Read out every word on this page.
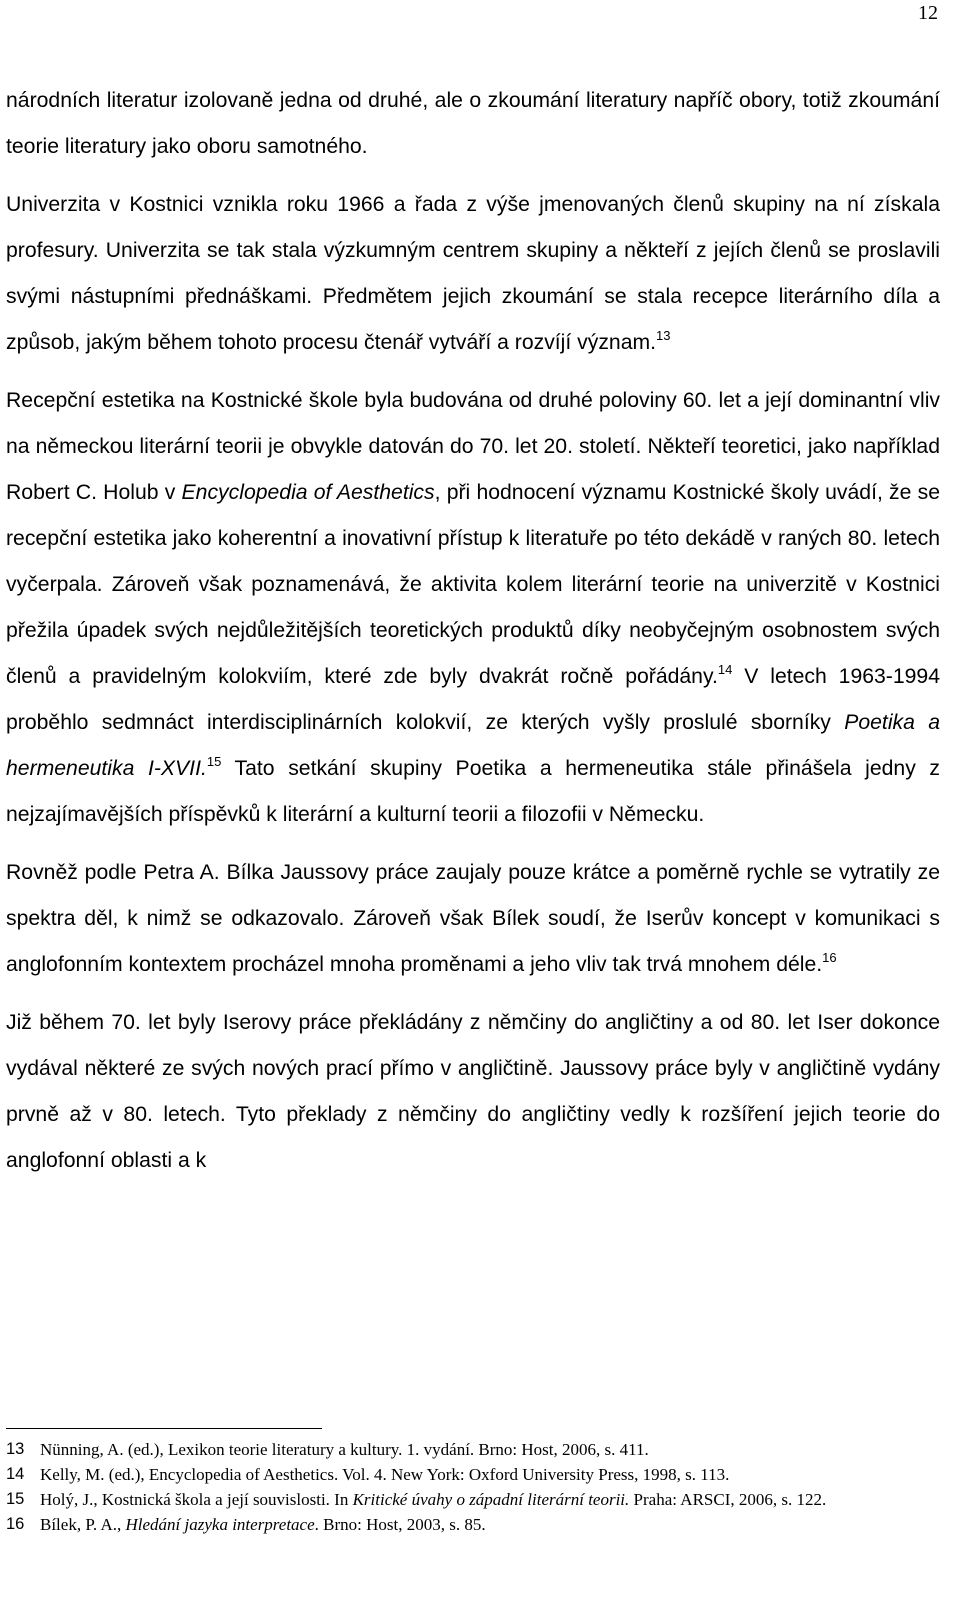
12

národních literatur izolovaně jedna od druhé, ale o zkoumání literatury napříč obory, totiž zkoumání teorie literatury jako oboru samotného.

Univerzita v Kostnici vznikla roku 1966 a řada z výše jmenovaných členů skupiny na ní získala profesury. Univerzita se tak stala výzkumným centrem skupiny a někteří z jejích členů se proslavili svými nástupními přednáškami. Předmětem jejich zkoumání se stala recepce literárního díla a způsob, jakým během tohoto procesu čtenář vytváří a rozvíjí význam.$^{13}$

Recepční estetika na Kostnické škole byla budována od druhé poloviny 60. let a její dominantní vliv na německou literární teorii je obvykle datován do 70. let 20. století. Někteří teoretici, jako například Robert C. Holub v Encyclopedia of Aesthetics, při hodnocení významu Kostnické školy uvádí, že se recepční estetika jako koherentní a inovativní přístup k literatuře po této dekádě v raných 80. letech vyčerpala. Zároveň však poznamenává, že aktivita kolem literární teorie na univerzitě v Kostnici přežila úpadek svých nejdůležitějších teoretických produktů díky neobyčejným osobnostem svých členů a pravidelným kolokviím, které zde byly dvakrát ročně pořádány.$^{14}$ V letech 1963-1994 proběhlo sedmnáct interdisciplinárních kolokvií, ze kterých vyšly proslulé sborníky Poetika a hermeneutika I-XVII.$^{15}$ Tato setkání skupiny Poetika a hermeneutika stále přinášela jedny z nejzajímavějších příspěvků k literární a kulturní teorii a filozofii v Německu.

Rovněž podle Petra A. Bílka Jaussovy práce zaujaly pouze krátce a poměrně rychle se vytratily ze spektra děl, k nimž se odkazovalo. Zároveň však Bílek soudí, že Iserův koncept v komunikaci s anglofonním kontextem procházel mnoha proměnami a jeho vliv tak trvá mnohem déle.$^{16}$

Již během 70. let byly Iserovy práce překládány z němčiny do angličtiny a od 80. let Iser dokonce vydával některé ze svých nových prací přímo v angličtině. Jaussovy práce byly v angličtině vydány prvně až v 80. letech. Tyto překlady z němčiny do angličtiny vedly k rozšíření jejich teorie do anglofonní oblasti a k

13 Nünning, A. (ed.), Lexikon teorie literatury a kultury. 1. vydání. Brno: Host, 2006, s. 411.
14 Kelly, M. (ed.), Encyclopedia of Aesthetics. Vol. 4. New York: Oxford University Press, 1998, s. 113.
15 Holý, J., Kostnická škola a její souvislosti. In Kritické úvahy o západní literární teorii. Praha: ARSCI, 2006, s. 122.
16 Bílek, P. A., Hledání jazyka interpretace. Brno: Host, 2003, s. 85.
